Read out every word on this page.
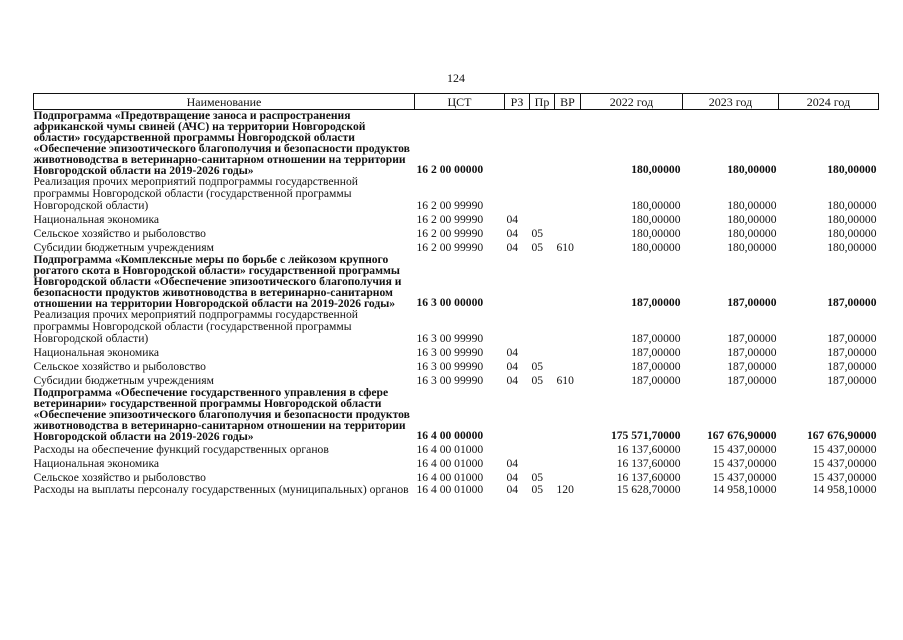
124
Наименование	ЦСТ	РЗ	Пр	ВР	2022 год	2023 год	2024 год
Подпрограмма «Предотвращение заноса и распространения африканской чумы свиней (АЧС) на территории Новгородской области» государственной программы Новгородской области «Обеспечение эпизоотического благополучия и безопасности продуктов животноводства в ветеринарно-санитарном отношении на территории Новгородской области на 2019-2026 годы»	16 2 00 00000				180,00000	180,00000	180,00000
Реализация прочих мероприятий подпрограммы государственной программы Новгородской области (государственной программы Новгородской области)	16 2 00 99990				180,00000	180,00000	180,00000
Национальная экономика	16 2 00 99990	04			180,00000	180,00000	180,00000
Сельское хозяйство и рыболовство	16 2 00 99990	04	05		180,00000	180,00000	180,00000
Субсидии бюджетным учреждениям	16 2 00 99990	04	05	610	180,00000	180,00000	180,00000
Подпрограмма «Комплексные меры по борьбе с лейкозом крупного рогатого скота в Новгородской области» государственной программы Новгородской области «Обеспечение эпизоотического благополучия и безопасности продуктов животноводства в ветеринарно-санитарном отношении на территории Новгородской области на 2019-2026 годы»	16 3 00 00000				187,00000	187,00000	187,00000
Реализация прочих мероприятий подпрограммы государственной программы Новгородской области (государственной программы Новгородской области)	16 3 00 99990				187,00000	187,00000	187,00000
Национальная экономика	16 3 00 99990	04			187,00000	187,00000	187,00000
Сельское хозяйство и рыболовство	16 3 00 99990	04	05		187,00000	187,00000	187,00000
Субсидии бюджетным учреждениям	16 3 00 99990	04	05	610	187,00000	187,00000	187,00000
Подпрограмма «Обеспечение государственного управления в сфере ветеринарии» государственной программы Новгородской области «Обеспечение эпизоотического благополучия и безопасности продуктов животноводства в ветеринарно-санитарном отношении на территории Новгородской области на 2019-2026 годы»	16 4 00 00000				175 571,70000	167 676,90000	167 676,90000
Расходы на обеспечение функций государственных органов	16 4 00 01000				16 137,60000	15 437,00000	15 437,00000
Национальная экономика	16 4 00 01000	04			16 137,60000	15 437,00000	15 437,00000
Сельское хозяйство и рыболовство	16 4 00 01000	04	05		16 137,60000	15 437,00000	15 437,00000
Расходы на выплаты персоналу государственных (муниципальных) органов	16 4 00 01000	04	05	120	15 628,70000	14 958,10000	14 958,10000
